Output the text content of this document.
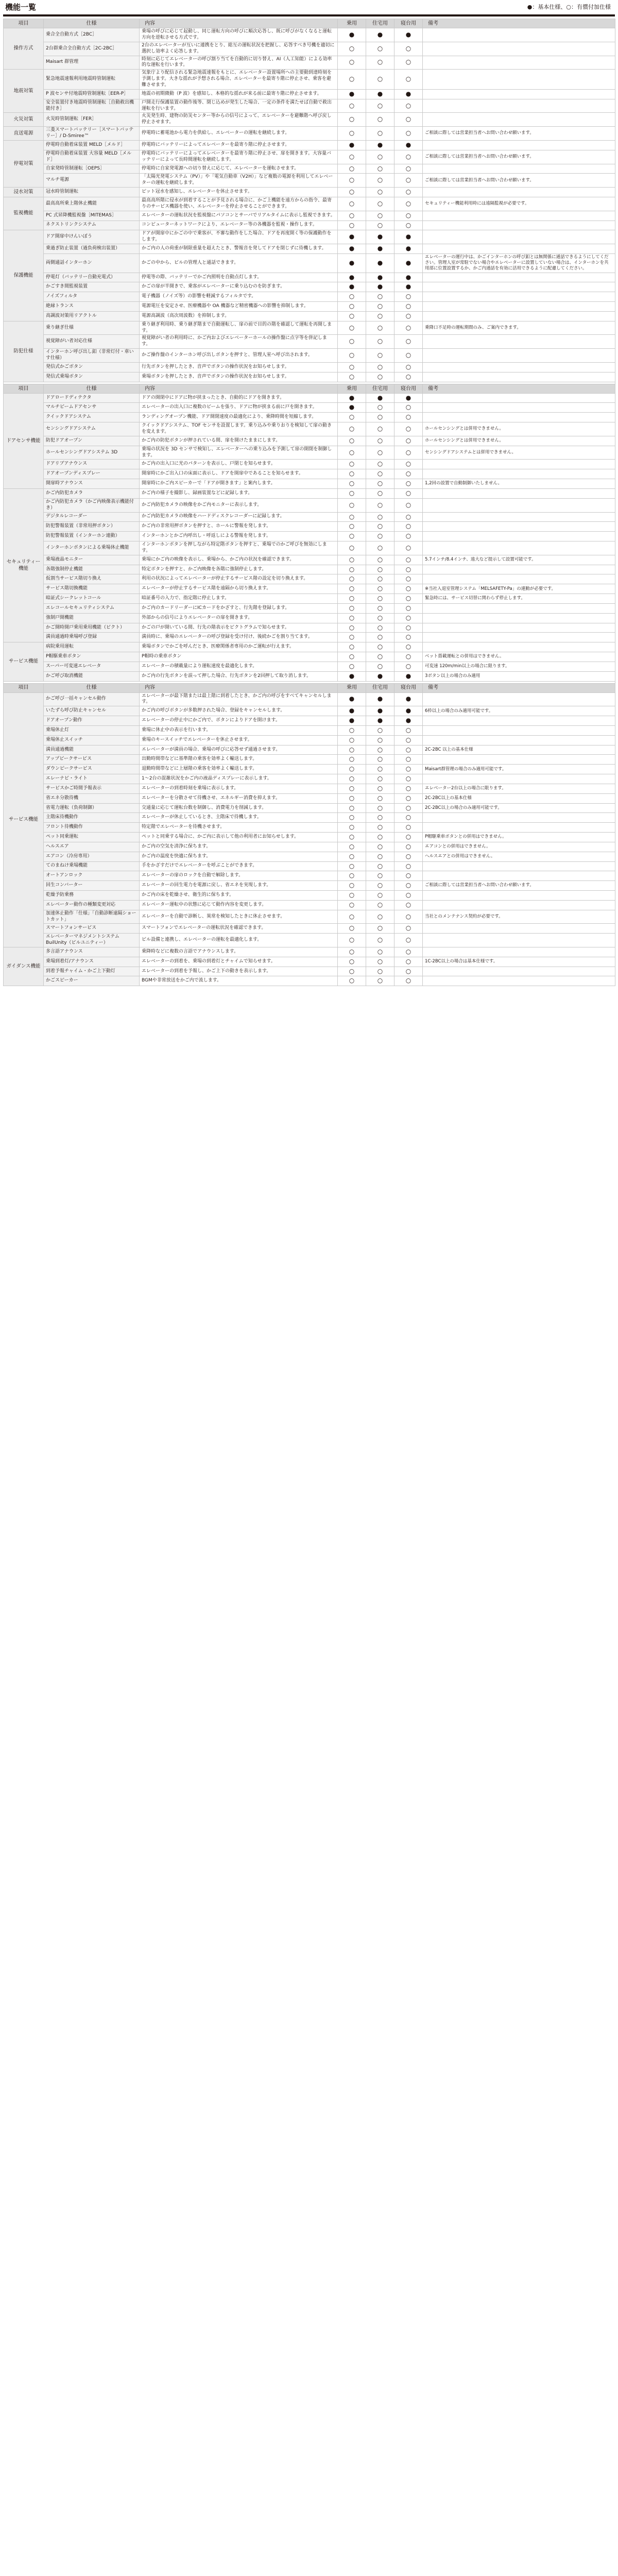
機能一覧	●：基本仕様、○：有償付加仕様
項目	仕様	内容	乗用	住宅用	寝台用	備考
操作方式	乗合全自動方式［2BC］	乗場の呼びに応じて起動し、同じ運転方向の呼びに順次応答し、既に呼びがなくなると運転方向を逆転させる方式です。	●	●	●	
	2台群乗合全自動方式［2C-2BC］	2台のエレベーターが互いに連携をとり、総互の運転状況を把握し、応答すべき号機を適切に選択し効率よく応答します。	○	○	○	
	Maisart 群管理	時刻に応じてエレベーターの呼び割り当てを自動的に切り替え、AI（人工知能）による効率的な運転を行います。	○	○	○	
地震対策	緊急地震速報利用地震時管制運転	気象庁より配信される緊急地震速報をもとに、エレベーター設置場所への主要動到達時刻を予測します。大きな揺れが予想される場合、エレベーターを最寄り階に停止させ、乗客を避難させます。	○	○	○	
	P 波センサ付地震時管制運転［EER-P］	地震の初期微動（P 波）を感知し、本格的な揺れが来る前に最寄り階に停止させます。	●	●	●	
	安全装置付き地震時管制運転［自動救出機能付き］	戸開走行保護装置の動作後等、閉じ込めが発生した場合、一定の条件を満たせば自動で救出運転を行います。	○	○	○	
火災対策	火災時管制運転［FER］	火災発生時、建物の防災センター等からの信号によって、エレベーターを避難階へ呼び戻し停止させます。	○	○	○	
直送電源	三菱スマートバッテリー［スマートバッテリー］/ D-Smiree™	停電時に蓄電池から電力を供給し、エレベーターの運転を継続します。	○	○	○	ご相談に際しては営業担当者へお問い合わせ願います。
停電対策	停電時自動着床装置 MELD［メルド］	停電時にバッテリーによってエレベーターを最寄り階に停止させます。	●	●	●	
	停電時自動着床装置 大容量 MELD［メルド］	停電時にバッテリーによってエレベーターを最寄り階に停止させ、扉を開きます。大容量バッテリーによって長時間運転を継続します。	○	○	○	ご相談に際しては営業担当者へお問い合わせ願います。
	自家発時管制運転［OEPS］	停電時に自家発電源への切り替えに応じて、エレベーターを運転させます。	○	○	○	
	マルチ電源	「太陽光発電システム（PV）」や「電気自動車（V2H）」など複数の電源を利用してエレベーターの運転を継続します。	○	○	○	ご相談に際しては営業担当者へお問い合わせ願います。
浸水対策	冠水時管制運転	ピット冠水を感知し、エレベーターを休止させます。	○	○	○	
監視機能	最高高所乗上階休止機能	最高高所階に侵水が到着することが予見される場合に、かご上機能を遠方からの指令、最寄りのサービス機器を使い、エレベーターを停止させることができます。	○	○	○	セキュリティー機能利用時には遠隔監視が必要です。
	PC 式昇降機監視盤［MITEMAS］	エレベーターの運転状況を監視盤にパソコンとサーバでリアルタイムに表示し監視できます。	○	○	○	
	ネクストリンクシステム	コンピューターネットワークにより、エレベーター等の各機器を監視・操作します。	○	○	○	
保護機能	ドア開扉中けんいぼう	ドアが開扉中にかごの中で乗客が、不審な動作をした場合、ドアを再度開く等の保護動作をします。	●	●	●	
	乗過ぎ防止装置（過負荷検出装置）	かご内の人の荷重が制限重量を超えたとき、警報音を発してドアを閉じずに待機します。	●	●	●	
	両側通話インターホン	かごの中から、ビルの管理人と通話できます。	●	●	●	エレベーターの運行中は、かごインターホンの呼び釦とは無関係に通話できるようにしてください。管理人室が常駐でない場合やエレベーターに設置していない場合は、インターホンを共用部に位置設置するか、かご内通話を有効に活用できるように配慮してください。
	停電灯（バッテリー自動充電式）	停電等の際、バッテリーでかご内照明を自動点灯します。	●	●	●	
	かごすき間監視装置	かごの扉が半開きで、乗客がエレベーターに乗り込むのを防ぎます。	●	●	●	
	ノイズフィルタ	電子機器（ノイズ等）の影響を軽減するフィルタです。	○	○	○	
	絶縁トランス	電源電圧を安定させ、医療機器や OA 機器など精密機器への影響を抑制します。	○	○	○	
	高調波対策用リアクトル	電源高調波（高次周波数）を抑制します。	○	○	○	
防犯仕様	乗り継ぎ仕様	乗り継ぎ利用時、乗り継ぎ階まで自動運転し、扉の前で目的の階を確認して運転を再開します。	○	○	○	乗降口不足時の運転期間のみ、ご案内できます。
	視覚障がい者対応仕様	視覚障がい者の利用時に、かご内およびエレベーターホールの操作盤に点字等を併記します。	○	○	○	
	インターホン呼び出し釦（非常灯付・車いす仕様）	かご操作盤のインターホン呼び出しボタンを押すと、管理人室へ呼び出されます。	○	○	○	
	発信式かごボタン	行先ボタンを押したとき、音声でボタンの操作状況をお知らせします。	○	○	○	
	発信式乗場ボタン	乗場ボタンを押したとき、音声でボタンの操作状況をお知らせします。	○	○	○	

項目	仕様	内容	乗用	住宅用	寝台用	備考
ドアセンサ機能	ドアロードディテクタ	ドアの開閉中にドアに物が挟まったとき、自動的にドアを開きます。	●	●	●	
	マルチビームドアセンサ	エレベーターの出入口に複数のビームを張り、ドアに物が挟まる前に戸を開きます。	●	○	○	
	クイックドアシステム	ランディングオープン機能、ドア開閉速度の最適化により、乗降時間を短縮します。	○	○	○	
	センシングドアシステム	クイックドアシステム、TOF センサを設置します。乗り込みや乗りおりを検知して扉の動きを変えます。	○	○	○	ホールセンシングとは併用できません。
	防犯ドアオープン	かご内の防犯ボタンが押されている間、扉を開けたままにします。	○	○	○	ホールセンシングとは併用できません。
	ホールセンシングドアシステム 3D	乗場の状況を 3D センサで検知し、エレベーターへの乗り込みを予測して扉の開閉を制御します。	○	○	○	センシングドアシステムとは併用できません。
	ドアリブアナウンス	かご内の出入口に光のパターンを表示し、戸閉じを知らせます。	○	○	○	
	ドアオープンディスプレー	開扉時にかご出入口の床面に表示し、ドアを開扉中であることを知らせます。	○	○	○	
	開扉時アナウンス	開扉時にかご内スピーカーで「ドアが開きます」と案内します。	○	○	○	1,2回の設置で自動制御いたしません。
セキュリティー機能	かご内防犯カメラ	かご内の様子を撮影し、録画装置などに記録します。	○	○	○	
	かご内防犯カメラ（かご内映像表示機能付き）	かご内防犯カメラの映像をかご内モニターに表示します。	○	○	○	
	デジタルレコーダー	かご内防犯カメラの映像をハードディスクレコーダーに記録します。	○	○	○	
	防犯警報装置（非常用押ボタン）	かご内の非常用押ボタンを押すと、ホールに警報を発します。	○	○	○	
	防犯警報装置（インターホン連動）	インターホンとかご内呼出し・呼返しによる警報を発します。	○	○	○	
	インターホンボタンによる乗場休止機能	インターホンボタンを押しながら特定階ボタンを押すと、乗場でのかご呼びを無効にします。	○	○	○	
	乗場液晶モニター	乗場にかご内の映像を表示し、乗場から、かご内の状況を確認できます。	○	○	○	5.7インチ/8.4インチ、遠大など提示して設置可能です。
	各階強制停止機能	特定ボタンを押すと、かご内映像を各階に強制停止します。	○	○	○	
	仮割当サービス階切り換え	利用の状況によってエレベーターが停止するサービス階の設定を切り換えます。	○	○	○	
	サービス階切換機能	エレベーターが停止するサービス階を遠隔から切り換えます。	○	○	○	※当社入退室管理システム「MELSAFETY-Pa」の連動が必要です。
	暗証式シークレットコール	暗証番号の入力で、指定階に停止します。	○	○	○	緊急時には、サービス切替に関わらず停止します。
	エレコールセキュリティシステム	かご内のカードリーダーにICカードをかざすと、行先階を登録します。	○	○	○	
	強制戸開機能	外部からの信号によりエレベーターの扉を開きます。	○	○	○	
	かご開時開戸乗用乗用機能（ピクト）	かごの戸が開いている間、行先の階表示をピクトグラムで知らせます。	○	○	○	
	満員通過時乗場呼び登録	満員時に、乗場のエレベーターの呼び登録を受け付け、後続かごを割り当てます。	○	○	○	
サービス機能	病院乗用運転	乗場ボタンでかごを呼んだとき、医療関係者専用のかご運転が行えます。	○	○	○	
	P帽駆乗車ボタン	P帽時の乗車ボタン	○	○	○	ベット搭載運転との併用はできません。
	スーパー可変速エレベータ	エレベーターの積載量により運転速度を最適化します。	○	○	○	可変速 120m/min以上の場合に限ります。
	かご呼び取消機能	かご内の行先ボタンを誤って押した場合、行先ボタンを2回押して取り消します。	●	●	●	3ボタン以上の場合のみ適用

項目	仕様	内容	乗用	住宅用	寝台用	備考
サービス機能	かご呼び一括キャンセル動作	エレベーターが最下階または最上階に到着したとき、かご内の呼びをすべてキャンセルします。	●	●	●	
	いたずら呼び防止キャンセル	かご内の呼びボタンが多数押された場合、登録をキャンセルします。	●	●	●	6枠以上の場合のみ適用可能です。
	ドアオープン動作	エレベーターの停止中にかご内で、ボタンによりドアを開けます。	●	●	●	
	乗場休止灯	乗場に休止中の表示を行います。	○	○	○	
	乗場休止スイッチ	乗場のキースイッチでエレベーターを休止させます。	○	○	○	
	満員通過機能	エレベーターが満員の場合、乗場の呼びに応答せず通過させます。	○	○	○	2C-2BC 以上の基本仕様
	アップピークサービス	出勤時間帯などに基準階の乗客を効率よく輸送します。	○	○	○	
	ダウンピークサービス	退勤時間帯などに上層階の乗客を効率よく輸送します。	○	○	○	Maisart群管理の場合のみ適用可能です。
	エレーナビ・ライト	1〜2台の混雑状況をかご内の液晶ディスプレーに表示します。	○	○	○	
	サービスかご時間予報表示	エレベーターの到着時刻を乗場に表示します。	○	○	○	エレベーター2台以上の場合に限ります。
	省エネ分散待機	エレベーターを分散させて待機させ、エネルギー消費を抑えます。	○	○	○	2C-2BC以上の基本仕様
	省電力運転（負荷制御）	交通量に応じて運転台数を制御し、消費電力を削減します。	○	○	○	2C-2BC以上の場合のみ適用可能です。
	主階床待機動作	エレベーターが休止しているとき、主階床で待機します。	○	○	○	
	フロント待機動作	特定階でエレベーターを待機させます。	○	○	○	
	ペット同乗運転	ペットと同乗する場合に、かご内に表示して他の利用者にお知らせします。	○	○	○	P帽駆乗車ボタンとの併用はできません。
	ヘルスエア	かご内の空気を清浄に保ちます。	○	○	○	エアコンとの併用はできません。
	エアコン（冷房専用）	かご内の温度を快適に保ちます。	○	○	○	ヘルスエアとの併用はできません。
	てのまねけ乗場機能	手をかざすだけでエレベーターを呼ぶことができます。	○	○	○	
	オートアンロック	エレベーターの扉のロックを自動で解除します。	○	○	○	
	回生コンバーター	エレベーターの回生電力を電源に戻し、省エネを実現します。	○	○	○	ご相談に際しては営業担当者へお問い合わせ願います。
	乾燥予防乗務	かご内の床を乾燥させ、衛生的に保ちます。	○	○	○	
	エレベーター動作の種類変更対応	エレベーター運転中の状態に応じて動作内容を変更します。	○	○	○	
	加速休止動作「仕様」「自動診断遠隔ショートカット」	エレベーターを自動で診断し、異常を検知したときに休止させます。	○	○	○	当社とのメンテナンス契約が必要です。
	スマートフォンサービス	スマートフォンでエレベーターの運転状況を確認できます。	○	○	○	
	エレベーターマネジメントシステム BuilUnity（ビルユニティー）	ビル設備と連携し、エレベーターの運転を最適化します。	○	○	○	
ガイダンス機能	多言語アナウンス	乗降時などに複数の言語でアナウンスします。	○	○	○	
	乗場到着灯/アナウンス	エレベーターの到着を、乗場の到着灯とチャイムで知らせます。	○	○	○	1C-2BC以上の場合は基本仕様です。
	到着予報チャイム・かご上下動灯	エレベーターの到着を予報し、かご上下の動きを表示します。	○	○	○	
	かごスピーカー	BGMや非常放送をかご内で流します。	○	○	○	
